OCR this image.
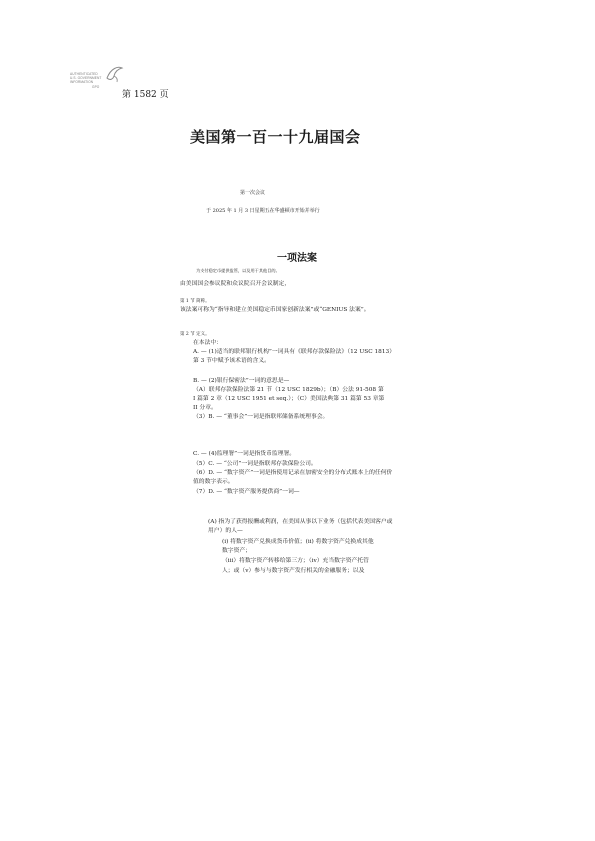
AUTHENTICATED
U.S. GOVERNMENT
INFORMATION
GPO
第 1582 页
美国第一百一十九届国会
第一次会议
于 2025 年 1 月 3 日星期五在华盛顿市开始并举行
一项法案
为支付稳定币提供监管，以及用于其他目的。
由美国国会参议院和众议院召开会议制定，
第 1 节 简称。
该法案可称为“指导和建立美国稳定币国家创新法案”或“GENIUS 法案”。
第 2 节 定义。
在本法中：
A. — (1)适当的联邦银行机构”一词具有《联邦存款保险法》（12 USC 1813）
第 3 节中赋予该术语的含义。
B. — (2)银行保密法”一词的意思是—
（A）联邦存款保险法第 21 节（12 USC 1829b）；（B）公法 91-508 第
I 篇第 2 章（12 USC 1951 et seq.）；（C）美国法典第 31 篇第 53 章第
II 分章。
（3）B. — “董事会”一词是指联邦储备系统理事会。
C. — (4)监理署”一词是指货币监理署。
（5）C. — “公司”一词是指联邦存款保险公司。
（6）D. — “数字资产”一词是指使用记录在加密安全的分布式账本上的任何价
值的数字表示。
（7）D. — “数字资产服务提供商”一词—
(A) 指为了获得报酬或利润，在美国从事以下业务（包括代表美国客户或
用户）的人—
(i) 将数字资产兑换成货币价值；(ii) 将数字资产兑换成其他
数字资产；
（iii）将数字资产转移给第三方；（iv）充当数字资产托管
人；或（v）参与与数字资产发行相关的金融服务；以及
